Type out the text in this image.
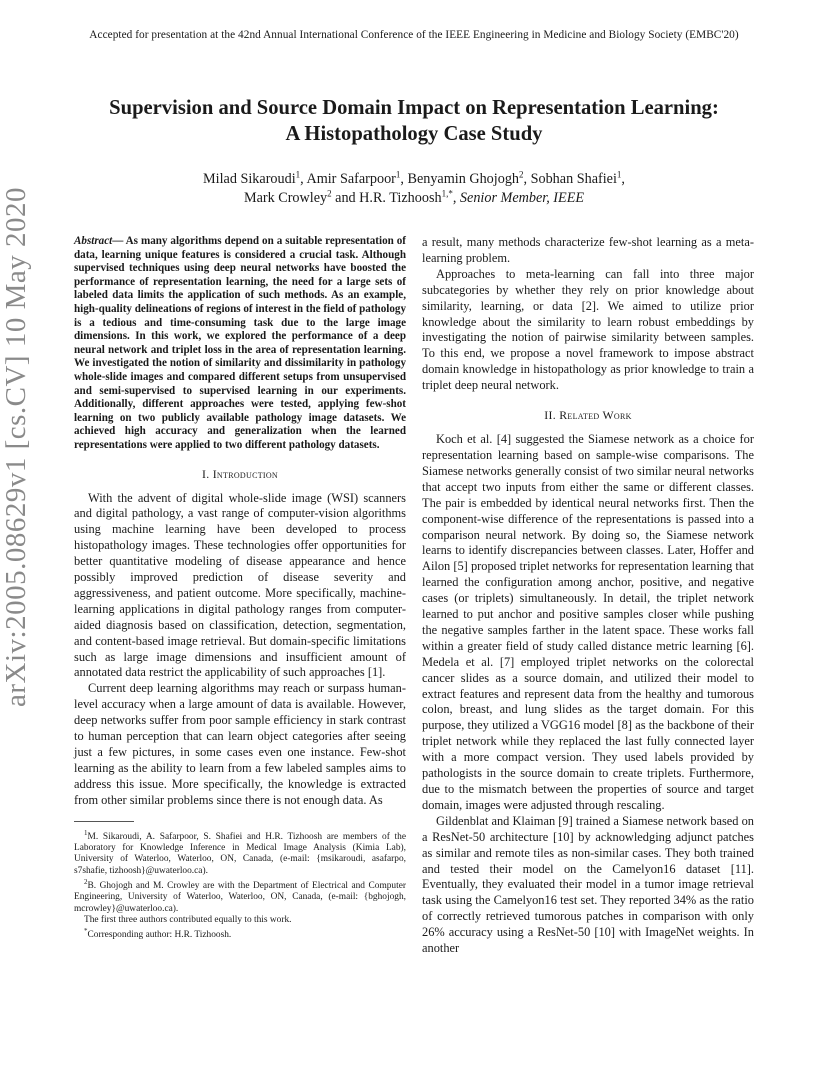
Accepted for presentation at the 42nd Annual International Conference of the IEEE Engineering in Medicine and Biology Society (EMBC'20)
Supervision and Source Domain Impact on Representation Learning:
A Histopathology Case Study
Milad Sikaroudi$^1$, Amir Safarpoor$^1$, Benyamin Ghojogh$^2$, Sobhan Shafiei$^1$,
Mark Crowley$^2$ and H.R. Tizhoosh$^{1,*}$, Senior Member, IEEE
arXiv:2005.08629v1 [cs.CV] 10 May 2020	Abstract— As many algorithms depend on a suitable representation of data, learning unique features is considered a crucial task. Although supervised techniques using deep neural networks have boosted the performance of representation learning, the need for a large sets of labeled data limits the application of such methods. As an example, high-quality delineations of regions of interest in the field of pathology is a tedious and time-consuming task due to the large image dimensions. In this work, we explored the performance of a deep neural network and triplet loss in the area of representation learning. We investigated the notion of similarity and dissimilarity in pathology whole-slide images and compared different setups from unsupervised and semi-supervised to supervised learning in our experiments. Additionally, different approaches were tested, applying few-shot learning on two publicly available pathology image datasets. We achieved high accuracy and generalization when the learned representations were applied to two different pathology datasets.

I. Introduction

With the advent of digital whole-slide image (WSI) scanners and digital pathology, a vast range of computer-vision algorithms using machine learning have been developed to process histopathology images. These technologies offer opportunities for better quantitative modeling of disease appearance and hence possibly improved prediction of disease severity and aggressiveness, and patient outcome. More specifically, machine-learning applications in digital pathology ranges from computer-aided diagnosis based on classification, detection, segmentation, and content-based image retrieval. But domain-specific limitations such as large image dimensions and insufficient amount of annotated data restrict the applicability of such approaches [1].

Current deep learning algorithms may reach or surpass human-level accuracy when a large amount of data is available. However, deep networks suffer from poor sample efficiency in stark contrast to human perception that can learn object categories after seeing just a few pictures, in some cases even one instance. Few-shot learning as the ability to learn from a few labeled samples aims to address this issue. More specifically, the knowledge is extracted from other similar problems since there is not enough data. As

$^1$M. Sikaroudi, A. Safarpoor, S. Shafiei and H.R. Tizhoosh are members of the Laboratory for Knowledge Inference in Medical Image Analysis (Kimia Lab), University of Waterloo, Waterloo, ON, Canada, (e-mail: {msikaroudi, asafarpo, s7shafie, tizhoosh}@uwaterloo.ca).

$^2$B. Ghojogh and M. Crowley are with the Department of Electrical and Computer Engineering, University of Waterloo, Waterloo, ON, Canada, (e-mail: {bghojogh, mcrowley}@uwaterloo.ca).

The first three authors contributed equally to this work.

*Corresponding author: H.R. Tizhoosh.

a result, many methods characterize few-shot learning as a meta-learning problem.

Approaches to meta-learning can fall into three major subcategories by whether they rely on prior knowledge about similarity, learning, or data [2]. We aimed to utilize prior knowledge about the similarity to learn robust embeddings by investigating the notion of pairwise similarity between samples. To this end, we propose a novel framework to impose abstract domain knowledge in histopathology as prior knowledge to train a triplet deep neural network.

II. Related Work

Koch et al. [4] suggested the Siamese network as a choice for representation learning based on sample-wise comparisons. The Siamese networks generally consist of two similar neural networks that accept two inputs from either the same or different classes. The pair is embedded by identical neural networks first. Then the component-wise difference of the representations is passed into a comparison neural network. By doing so, the Siamese network learns to identify discrepancies between classes. Later, Hoffer and Ailon [5] proposed triplet networks for representation learning that learned the configuration among anchor, positive, and negative cases (or triplets) simultaneously. In detail, the triplet network learned to put anchor and positive samples closer while pushing the negative samples farther in the latent space. These works fall within a greater field of study called distance metric learning [6]. Medela et al. [7] employed triplet networks on the colorectal cancer slides as a source domain, and utilized their model to extract features and represent data from the healthy and tumorous colon, breast, and lung slides as the target domain. For this purpose, they utilized a VGG16 model [8] as the backbone of their triplet network while they replaced the last fully connected layer with a more compact version. They used labels provided by pathologists in the source domain to create triplets. Furthermore, due to the mismatch between the properties of source and target domain, images were adjusted through rescaling.

Gildenblat and Klaiman [9] trained a Siamese network based on a ResNet-50 architecture [10] by acknowledging adjunct patches as similar and remote tiles as non-similar cases. They both trained and tested their model on the Camelyon16 dataset [11]. Eventually, they evaluated their model in a tumor image retrieval task using the Camelyon16 test set. They reported 34% as the ratio of correctly retrieved tumorous patches in comparison with only 26% accuracy using a ResNet-50 [10] with ImageNet weights. In another
